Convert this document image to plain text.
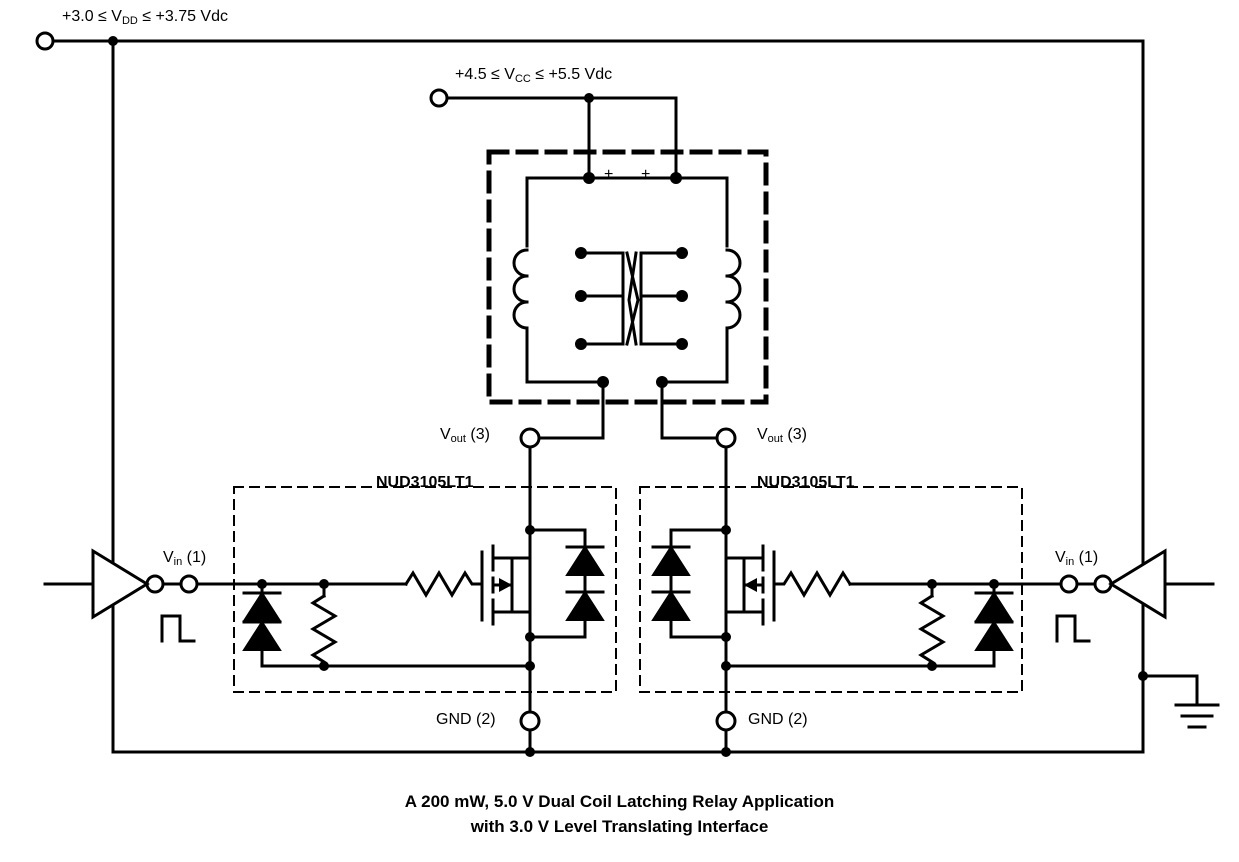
$+3.0 \le V_{DD} \le +3.75$ Vdc
$+4.5 \le V_{CC} \le +5.5$ Vdc
+ +
$V_{out}$ (3)	$V_{out}$ (3)
NUD3105LT1	NUD3105LT1
$V_{in}$ (1)	$V_{in}$ (1)
GND (2)	GND (2)
A 200 mW, 5.0 V Dual Coil Latching Relay Application
with 3.0 V Level Translating Interface
